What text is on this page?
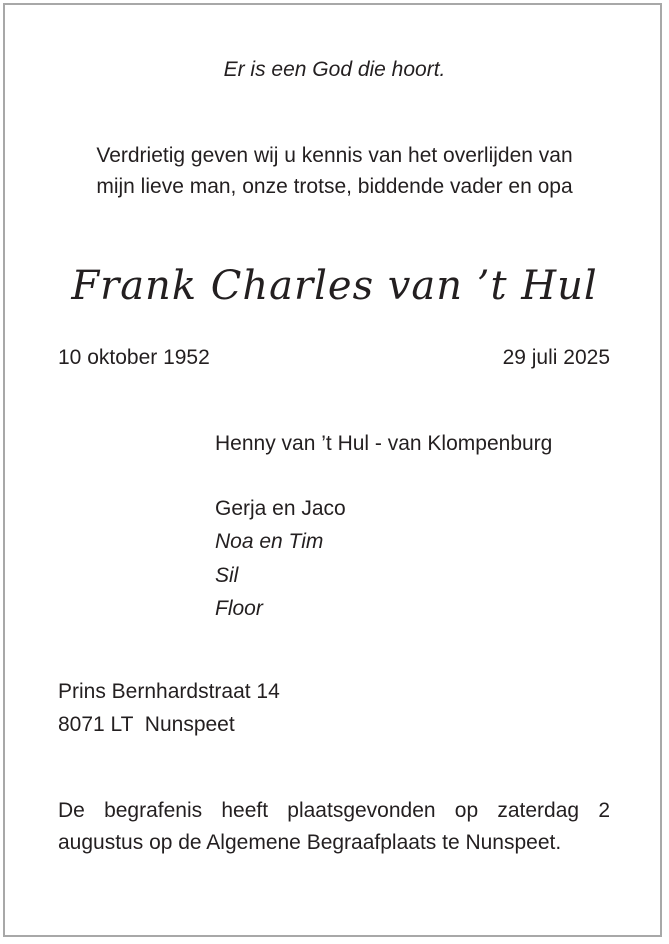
Er is een God die hoort.
Verdrietig geven wij u kennis van het overlijden van
mijn lieve man, onze trotse, biddende vader en opa
Frank Charles van ’t Hul
10 oktober 1952	29 juli 2025
Henny van ’t Hul - van Klompenburg
Gerja en Jaco
Noa en Tim
Sil
Floor
Prins Bernhardstraat 14
8071 LT  Nunspeet
De begrafenis heeft plaatsgevonden op zaterdag 2 augustus op de Algemene Begraafplaats te Nunspeet.
